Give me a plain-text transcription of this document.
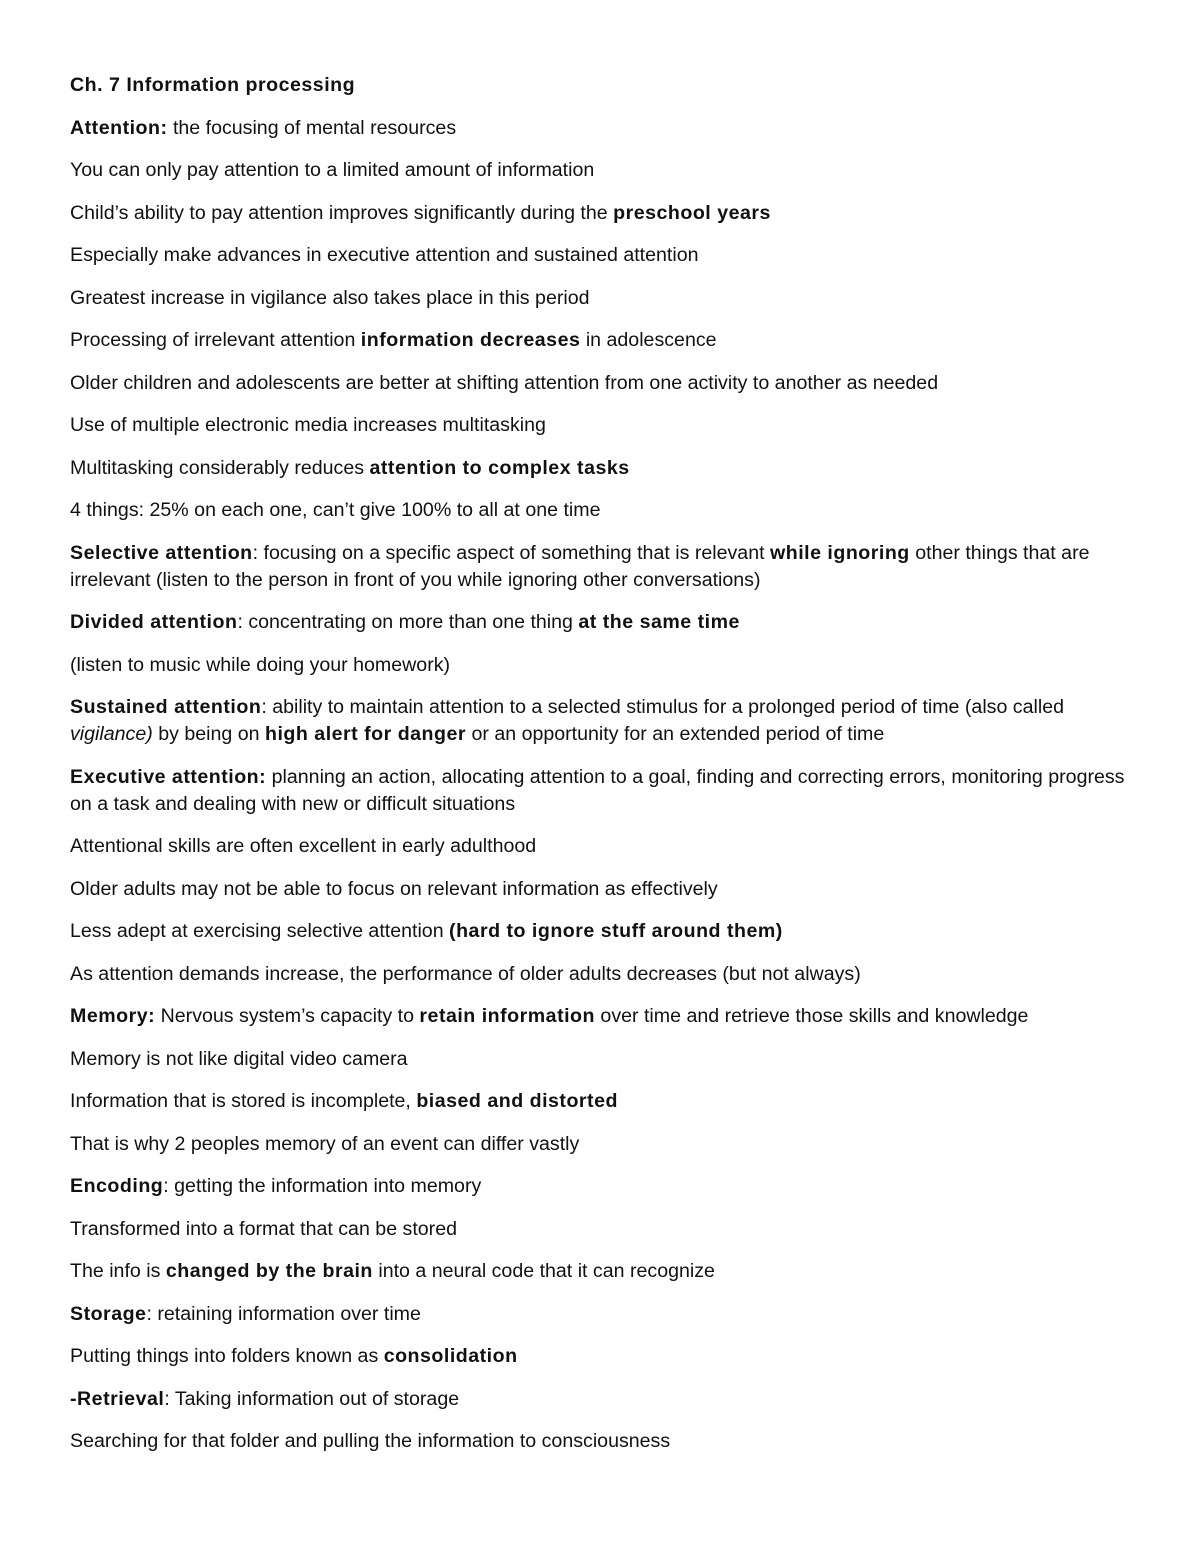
Ch. 7 Information processing

Attention: the focusing of mental resources

You can only pay attention to a limited amount of information

Child’s ability to pay attention improves significantly during the preschool years

Especially make advances in executive attention and sustained attention

Greatest increase in vigilance also takes place in this period

Processing of irrelevant attention information decreases in adolescence

Older children and adolescents are better at shifting attention from one activity to another as needed

Use of multiple electronic media increases multitasking

Multitasking considerably reduces attention to complex tasks

4 things: 25% on each one, can’t give 100% to all at one time

Selective attention: focusing on a specific aspect of something that is relevant while ignoring other things that are irrelevant (listen to the person in front of you while ignoring other conversations)

Divided attention: concentrating on more than one thing at the same time

(listen to music while doing your homework)

Sustained attention: ability to maintain attention to a selected stimulus for a prolonged period of time (also called vigilance) by being on high alert for danger or an opportunity for an extended period of time

Executive attention: planning an action, allocating attention to a goal, finding and correcting errors, monitoring progress on a task and dealing with new or difficult situations

Attentional skills are often excellent in early adulthood

Older adults may not be able to focus on relevant information as effectively

Less adept at exercising selective attention (hard to ignore stuff around them)

As attention demands increase, the performance of older adults decreases (but not always)

Memory: Nervous system’s capacity to retain information over time and retrieve those skills and knowledge

Memory is not like digital video camera

Information that is stored is incomplete, biased and distorted

That is why 2 peoples memory of an event can differ vastly

Encoding: getting the information into memory

Transformed into a format that can be stored

The info is changed by the brain into a neural code that it can recognize

Storage: retaining information over time

Putting things into folders known as consolidation

-Retrieval: Taking information out of storage

Searching for that folder and pulling the information to consciousness
